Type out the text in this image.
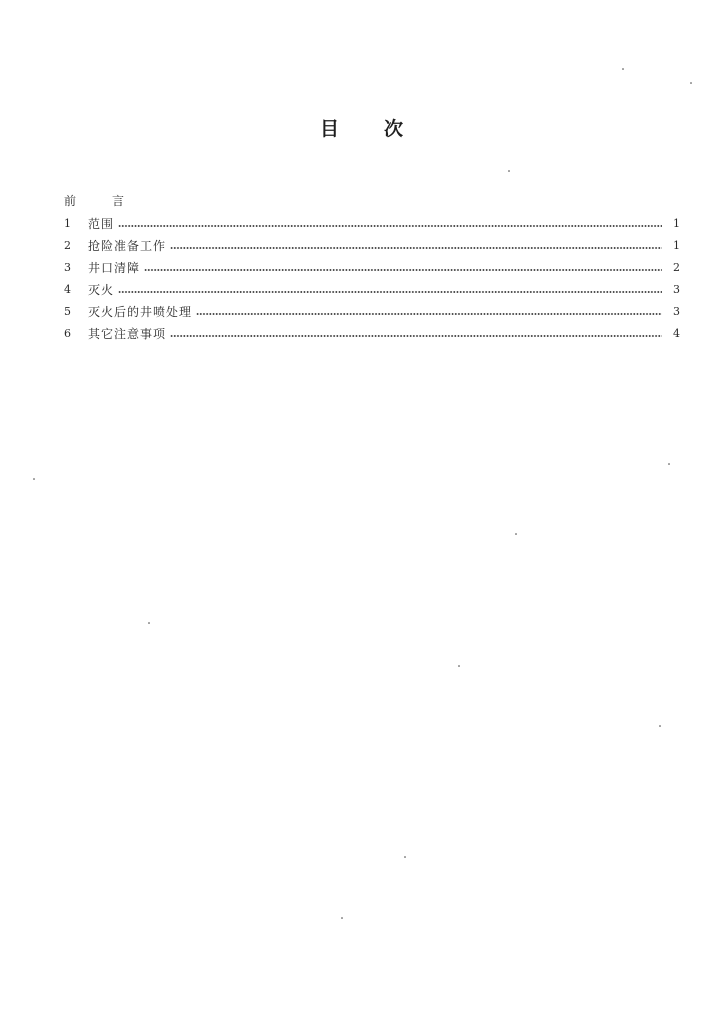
目 次
前	言
1	范围	1
2	抢险准备工作	1
3	井口清障	2
4	灭火	3
5	灭火后的井喷处理	3
6	其它注意事项	4
